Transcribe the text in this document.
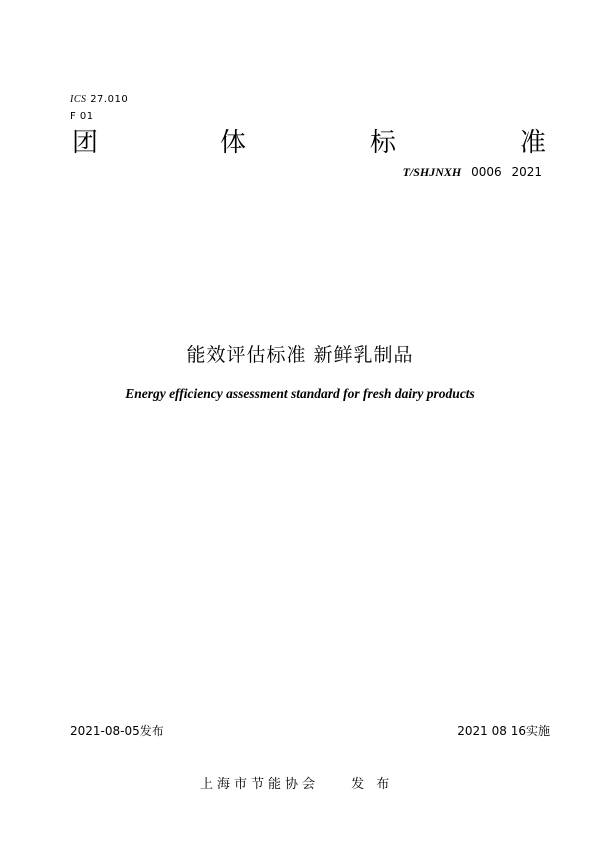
ICS 27.010
F 01
团	体	标	准
T/SHJNXH 0006 2021
能效评估标准 新鲜乳制品
Energy efficiency assessment standard for fresh dairy products
2021-08-05发布	2021 08 16实施
上海市节能协会 发 布
